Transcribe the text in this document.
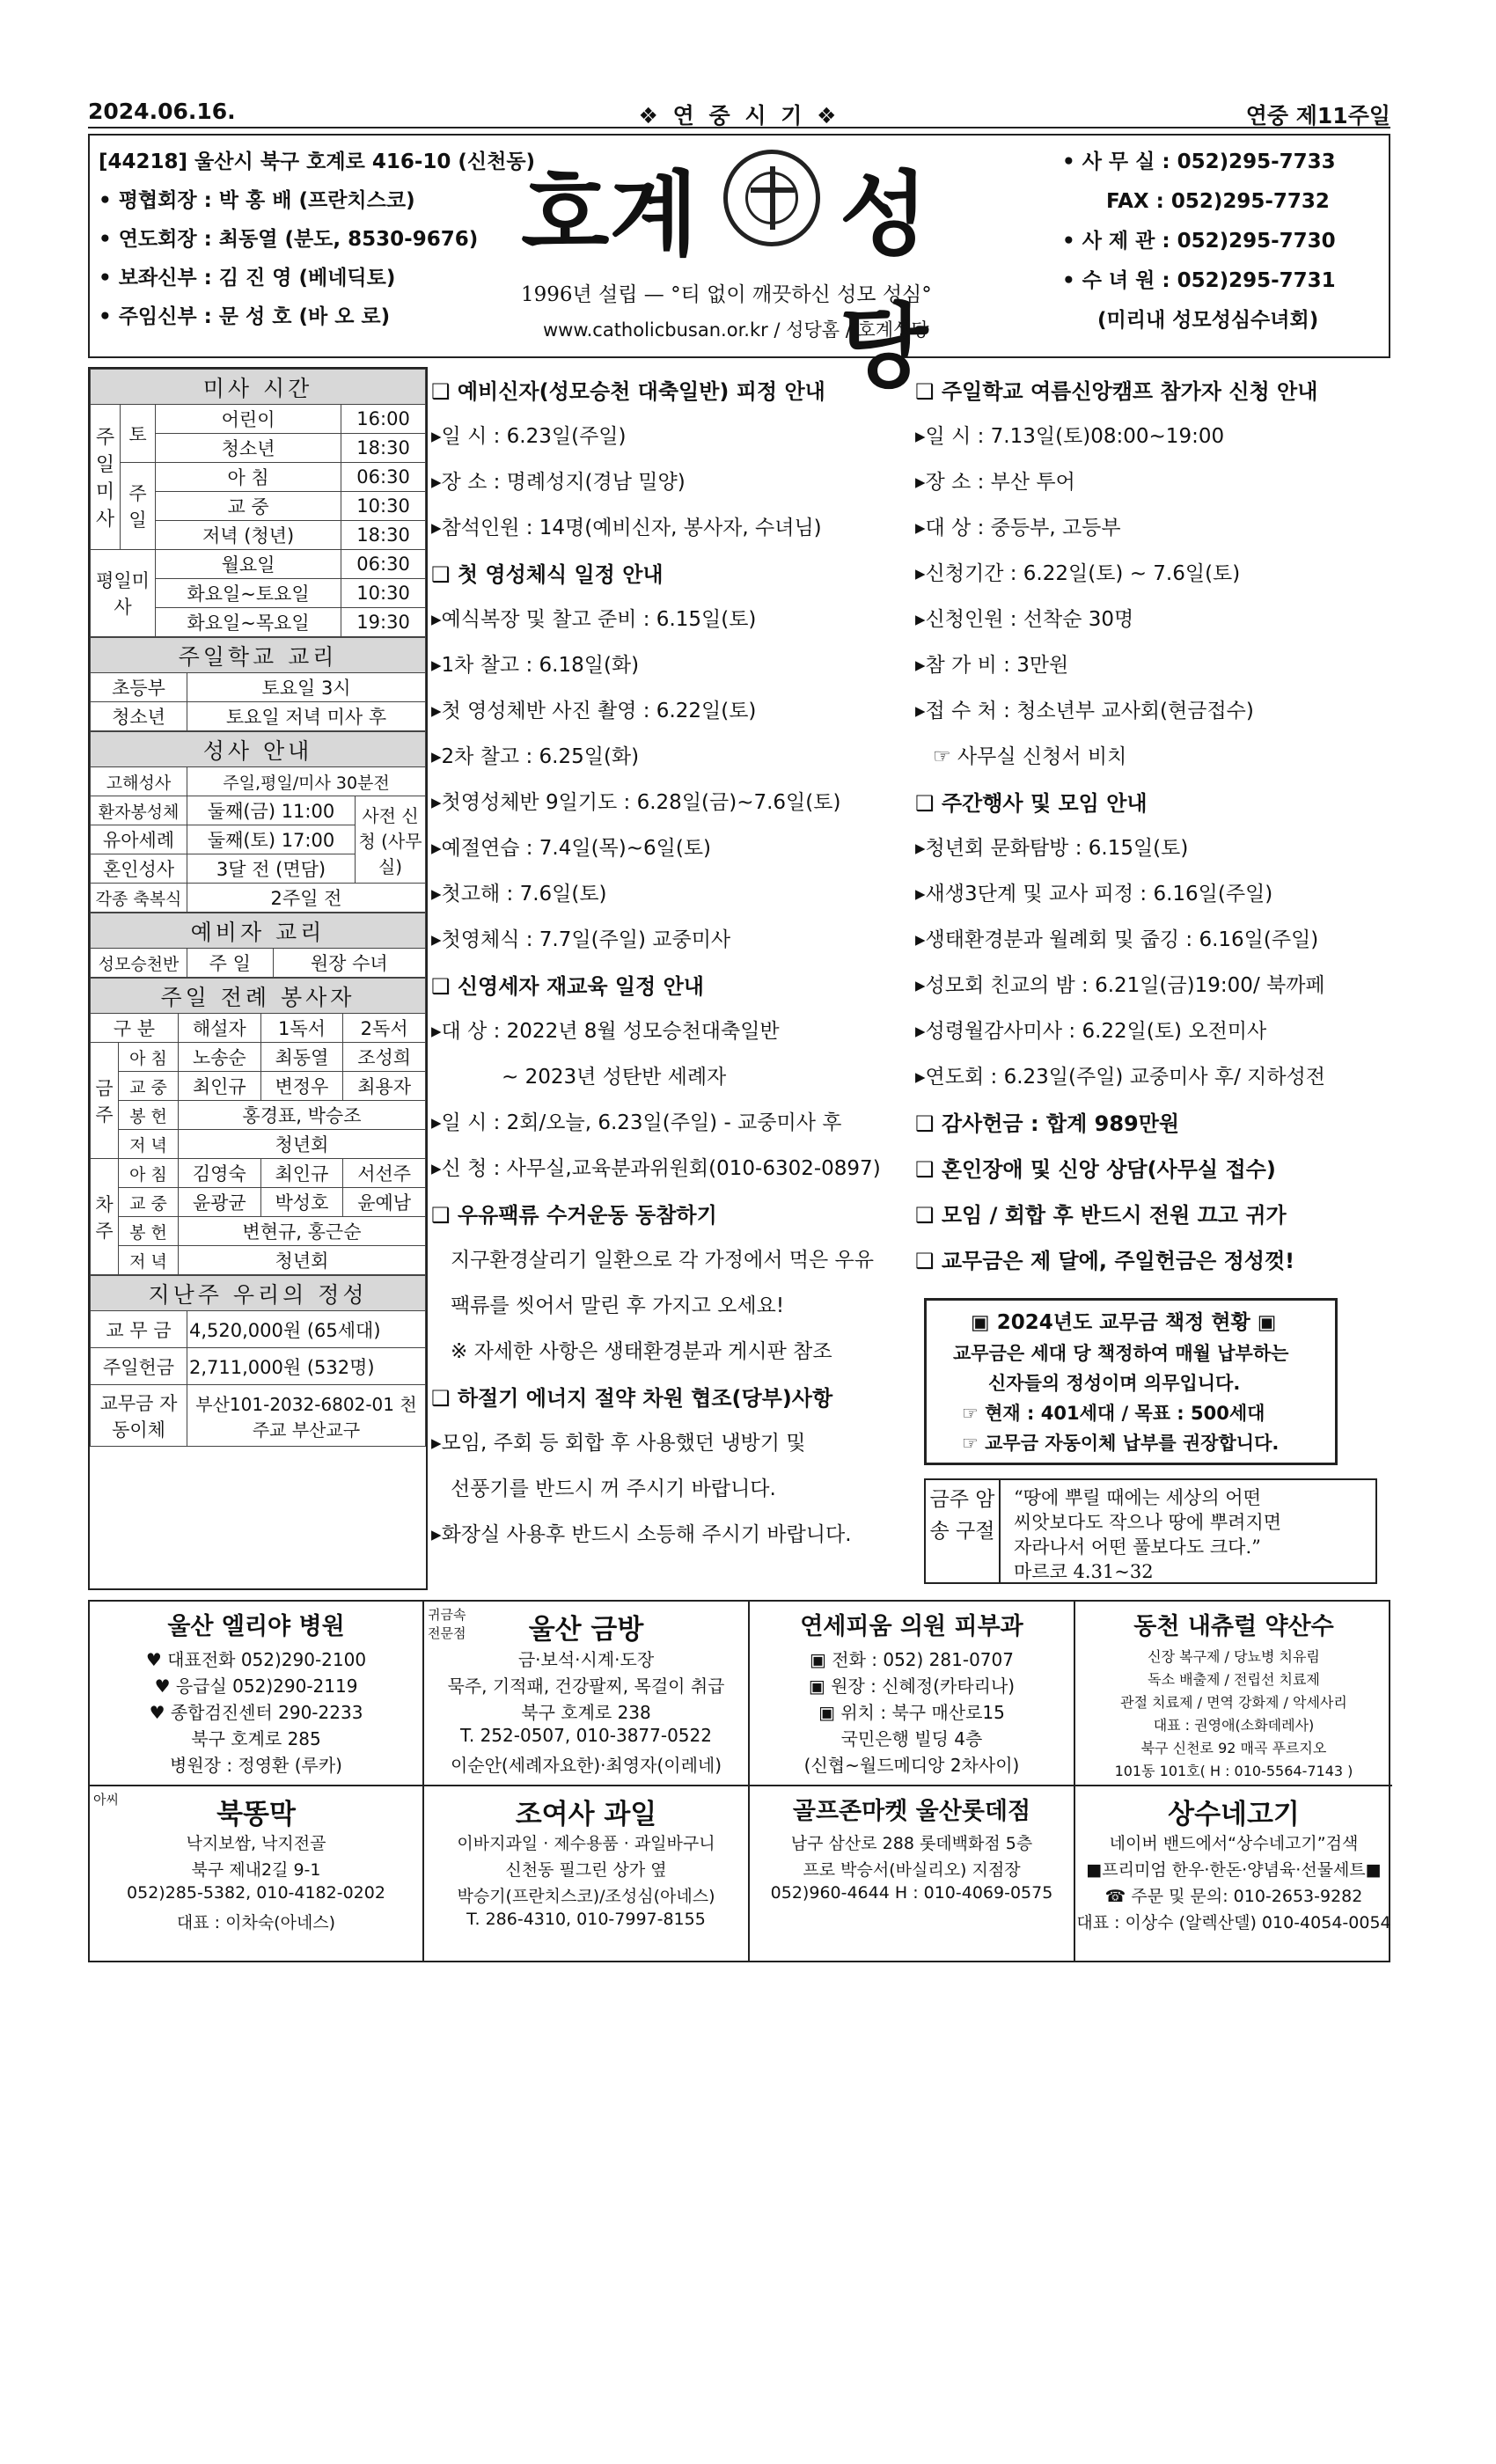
2024.06.16.	❖ 연 중 시 기 ❖	연중 제11주일
[44218] 울산시 북구 호계로 416-10 (신천동)
• 평협회장 : 박 홍 배 (프란치스코)
• 연도회장 : 최동열 (분도, 8530-9676)
• 보좌신부 : 김 진 영 (베네딕토)
• 주임신부 : 문 성 호 (바 오 로)
호계 성당
1996년 설립 — °티 없이 깨끗하신 성모 성심°
www.catholicbusan.or.kr / 성당홈 / 호계성당
• 사 무 실 : 052)295-7733
FAX : 052)295-7732
• 사 제 관 : 052)295-7730
• 수 녀 원 : 052)295-7731
(미리내 성모성심수녀회)
미사 시간			
주일미사	토	어린이	16:00
		청소년	18:30
	주일	아 침	06:30
		교 중	10:30
		저녁 (청년)	18:30
평일미사		월요일	06:30
		화요일~토요일	10:30
		화요일~목요일	19:30
주일학교 교리	
초등부	토요일 3시
청소년	토요일 저녁 미사 후
성사 안내		
고해성사	주일,평일/미사 30분전	
환자봉성체	둘째(금) 11:00	사전 신청 (사무실)
유아세례	둘째(토) 17:00	
혼인성사	3달 전 (면담)	
각종 축복식	2주일 전	
예비자 교리
성모승천반	주 일	원장 수녀
주일 전례 봉사자				
구 분		해설자	1독서	2독서
금주	아 침	노송순	최동열	조성희
	교 중	최인규	변정우	최용자
	봉 헌	홍경표, 박승조		
	저 녁	청년회		
차주	아 침	김영숙	최인규	서선주
	교 중	윤광균	박성호	윤예남
	봉 헌	변현규, 홍근순		
	저 녁	청년회		
지난주 우리의 정성	
교 무 금	4,520,000원 (65세대)
주일헌금	2,711,000원 (532명)
교무금 자동이체	부산101-2032-6802-01 천주교 부산교구
❑ 예비신자(성모승천 대축일반) 피정 안내
▸일 시 : 6.23일(주일)
▸장 소 : 명례성지(경남 밀양)
▸참석인원 : 14명(예비신자, 봉사자, 수녀님)
❑ 첫 영성체식 일정 안내
▸예식복장 및 찰고 준비 : 6.15일(토)
▸1차 찰고 : 6.18일(화)
▸첫 영성체반 사진 촬영 : 6.22일(토)
▸2차 찰고 : 6.25일(화)
▸첫영성체반 9일기도 : 6.28일(금)~7.6일(토)
▸예절연습 : 7.4일(목)~6일(토)
▸첫고해 : 7.6일(토)
▸첫영체식 : 7.7일(주일) 교중미사
❑ 신영세자 재교육 일정 안내
▸대 상 : 2022년 8월 성모승천대축일반
~ 2023년 성탄반 세례자
▸일 시 : 2회/오늘, 6.23일(주일) - 교중미사 후
▸신 청 : 사무실,교육분과위원회(010-6302-0897)
❑ 우유팩류 수거운동 동참하기
지구환경살리기 일환으로 각 가정에서 먹은 우유
팩류를 씻어서 말린 후 가지고 오세요!
※ 자세한 사항은 생태환경분과 게시판 참조
❑ 하절기 에너지 절약 차원 협조(당부)사항
▸모임, 주회 등 회합 후 사용했던 냉방기 및
선풍기를 반드시 꺼 주시기 바랍니다.
▸화장실 사용후 반드시 소등해 주시기 바랍니다.
❑ 주일학교 여름신앙캠프 참가자 신청 안내
▸일 시 : 7.13일(토)08:00~19:00
▸장 소 : 부산 투어
▸대 상 : 중등부, 고등부
▸신청기간 : 6.22일(토) ~ 7.6일(토)
▸신청인원 : 선착순 30명
▸참 가 비 : 3만원
▸접 수 처 : 청소년부 교사회(현금접수)
☞ 사무실 신청서 비치
❑ 주간행사 및 모임 안내
▸청년회 문화탐방 : 6.15일(토)
▸새생3단계 및 교사 피정 : 6.16일(주일)
▸생태환경분과 월례회 및 줍깅 : 6.16일(주일)
▸성모회 친교의 밤 : 6.21일(금)19:00/ 북까페
▸성령월감사미사 : 6.22일(토) 오전미사
▸연도회 : 6.23일(주일) 교중미사 후/ 지하성전
❑ 감사헌금 : 합계 989만원
❑ 혼인장애 및 신앙 상담(사무실 접수)
❑ 모임 / 회합 후 반드시 전원 끄고 귀가
❑ 교무금은 제 달에, 주일헌금은 정성껏!
▣ 2024년도 교무금 책정 현황 ▣
교무금은 세대 당 책정하여 매월 납부하는
신자들의 정성이며 의무입니다.
☞ 현재 : 401세대 / 목표 : 500세대
☞ 교무금 자동이체 납부를 권장합니다.
금주 암송 구절
“땅에 뿌릴 때에는 세상의 어떤
씨앗보다도 작으나 땅에 뿌려지면
자라나서 어떤 풀보다도 크다.”
마르코 4.31~32
울산 엘리야 병원
♥ 대표전화 052)290-2100
♥ 응급실 052)290-2119
♥ 종합검진센터 290-2233
북구 호계로 285
병원장 : 정영환 (루카)
울산 금방
귀금속 전문점
금·보석·시계·도장
묵주, 기적패, 건강팔찌, 목걸이 취급
북구 호계로 238
T. 252-0507, 010-3877-0522
이순안(세례자요한)·최영자(이레네)
연세피움 의원 피부과
▣ 전화 : 052) 281-0707
▣ 원장 : 신혜정(카타리나)
▣ 위치 : 북구 매산로15
국민은행 빌딩 4층
(신협~월드메디앙 2차사이)
동천 내츄럴 약산수
신장 복구제 / 당뇨병 치유림
독소 배출제 / 전립선 치료제
관절 치료제 / 면역 강화제 / 악세사리
대표 : 권영애(소화데레사)
북구 신천로 92 매곡 푸르지오
101동 101호( H : 010-5564-7143 )
북똥막
아씨
낙지보쌈, 낙지전골
북구 제내2길 9-1
052)285-5382, 010-4182-0202
대표 : 이차숙(아네스)
조여사 과일
이바지과일 · 제수용품 · 과일바구니
신천동 필그린 상가 옆
박승기(프란치스코)/조성심(아네스)
T. 286-4310, 010-7997-8155
골프존마켓 울산롯데점
남구 삼산로 288 롯데백화점 5층
프로 박승서(바실리오) 지점장
052)960-4644 H : 010-4069-0575
상수네고기
네이버 밴드에서“상수네고기”검색
■프리미엄 한우·한돈·양념육·선물세트■
☎ 주문 및 문의: 010-2653-9282
대표 : 이상수 (알렉산델) 010-4054-0054
